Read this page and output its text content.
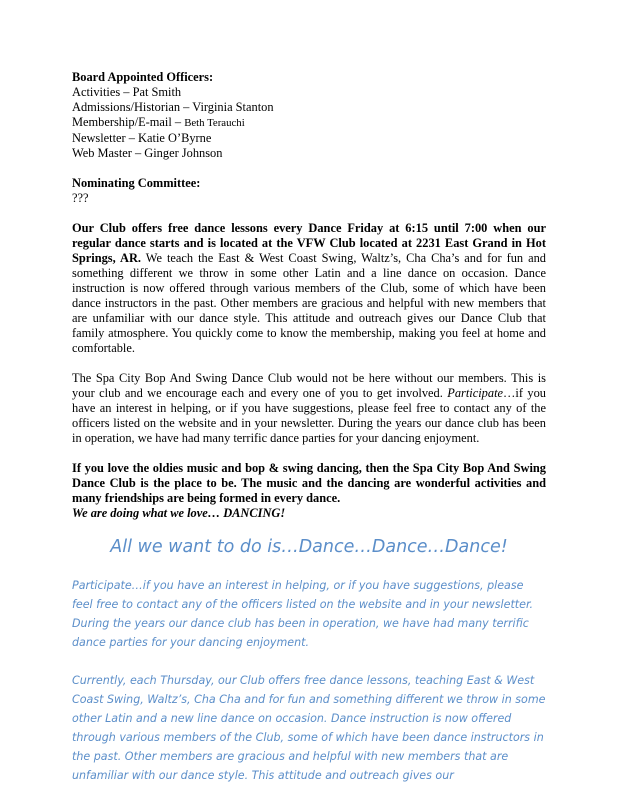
Board Appointed Officers:
Activities – Pat Smith
Admissions/Historian – Virginia Stanton
Membership/E-mail – Beth Terauchi
Newsletter – Katie O’Byrne
Web Master – Ginger Johnson
Nominating Committee:
???

Our Club offers free dance lessons every Dance Friday at 6:15 until 7:00 when our regular dance starts and is located at the VFW Club located at 2231 East Grand in Hot Springs, AR. We teach the East & West Coast Swing, Waltz’s, Cha Cha’s and for fun and something different we throw in some other Latin and a line dance on occasion. Dance instruction is now offered through various members of the Club, some of which have been dance instructors in the past. Other members are gracious and helpful with new members that are unfamiliar with our dance style. This attitude and outreach gives our Dance Club that family atmosphere. You quickly come to know the membership, making you feel at home and comfortable.

The Spa City Bop And Swing Dance Club would not be here without our members. This is your club and we encourage each and every one of you to get involved. Participate…if you have an interest in helping, or if you have suggestions, please feel free to contact any of the officers listed on the website and in your newsletter. During the years our dance club has been in operation, we have had many terrific dance parties for your dancing enjoyment.

If you love the oldies music and bop & swing dancing, then the Spa City Bop And Swing Dance Club is the place to be. The music and the dancing are wonderful activities and many friendships are being formed in every dance.
We are doing what we love… DANCING!

All we want to do is…Dance…Dance…Dance!
Participate…if you have an interest in helping, or if you have suggestions, please feel free to contact any of the officers listed on the website and in your newsletter. During the years our dance club has been in operation, we have had many terrific dance parties for your dancing enjoyment.
Currently, each Thursday, our Club offers free dance lessons, teaching East & West Coast Swing, Waltz’s, Cha Cha and for fun and something different we throw in some other Latin and a new line dance on occasion. Dance instruction is now offered through various members of the Club, some of which have been dance instructors in the past. Other members are gracious and helpful with new members that are unfamiliar with our dance style. This attitude and outreach gives our
